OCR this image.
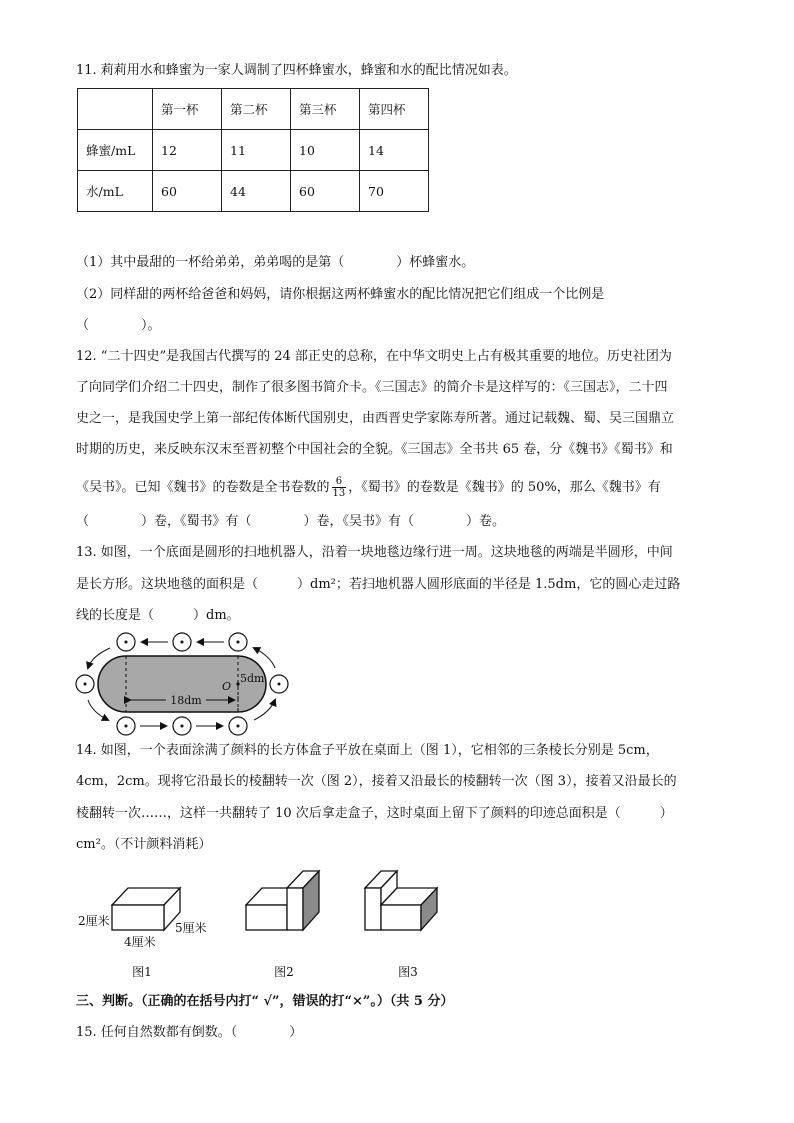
11. 莉莉用水和蜂蜜为一家人调制了四杯蜂蜜水，蜂蜜和水的配比情况如表。
	第一杯	第二杯	第三杯	第四杯
蜂蜜/mL	12	11	10	14
水/mL	60	44	60	70
（1）其中最甜的一杯给弟弟，弟弟喝的是第（　　　　）杯蜂蜜水。
（2）同样甜的两杯给爸爸和妈妈，请你根据这两杯蜂蜜水的配比情况把它们组成一个比例是
（　　　　）。
12. “二十四史”是我国古代撰写的 24 部正史的总称，在中华文明史上占有极其重要的地位。历史社团为
了向同学们介绍二十四史，制作了很多图书简介卡。《三国志》的简介卡是这样写的：《三国志》，二十四
史之一，是我国史学上第一部纪传体断代国别史，由西晋史学家陈寿所著。通过记载魏、蜀、吴三国鼎立
时期的历史，来反映东汉末至晋初整个中国社会的全貌。《三国志》全书共 65 卷，分《魏书》《蜀书》和
《吴书》。已知《魏书》的卷数是全书卷数的 $\frac{6}{13}$ ，《蜀书》的卷数是《魏书》的 50%，那么《魏书》有
（　　　　）卷，《蜀书》有（　　　　）卷，《吴书》有（　　　　）卷。
13. 如图，一个底面是圆形的扫地机器人，沿着一块地毯边缘行进一周。这块地毯的两端是半圆形，中间
是长方形。这块地毯的面积是（　　　）dm²；若扫地机器人圆形底面的半径是 1.5dm，它的圆心走过路
线的长度是（　　　）dm。
18dm
5dm
O
14. 如图，一个表面涂满了颜料的长方体盒子平放在桌面上（图 1），它相邻的三条棱长分别是 5cm，
4cm，2cm。现将它沿最长的棱翻转一次（图 2），接着又沿最长的棱翻转一次（图 3），接着又沿最长的
棱翻转一次……，这样一共翻转了 10 次后拿走盒子，这时桌面上留下了颜料的印迹总面积是（　　　）
cm²。（不计颜料消耗）
2厘米	5厘米
4厘米
图1	图2	图3
三、判断。（正确的在括号内打“ √”，错误的打“×”。）（共 5 分）
15. 任何自然数都有倒数。（　　　　）
